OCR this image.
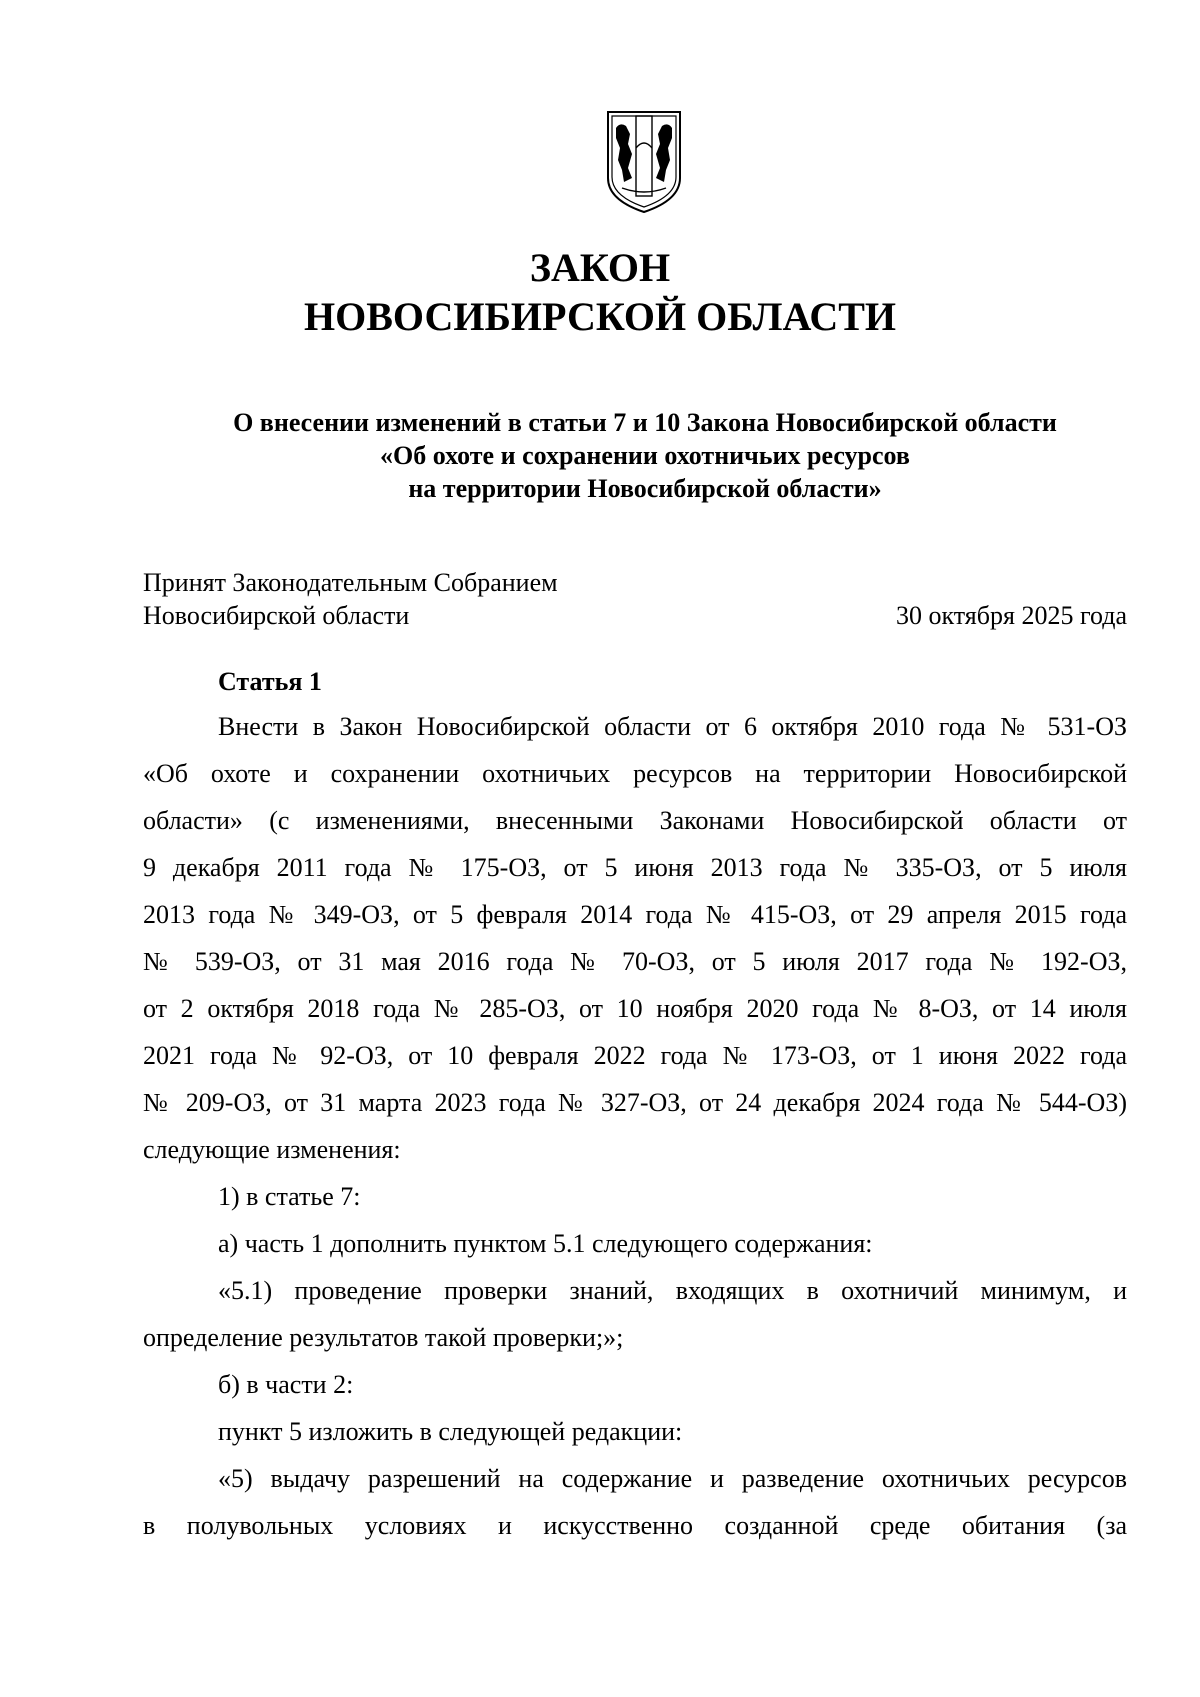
ЗАКОН
НОВОСИБИРСКОЙ ОБЛАСТИ
О внесении изменений в статьи 7 и 10 Закона Новосибирской области
«Об охоте и сохранении охотничьих ресурсов
на территории Новосибирской области»
Принят Законодательным Собранием
Новосибирской области	30 октября 2025 года
Статья 1
Внести в Закон Новосибирской области от 6 октября 2010 года № 531-ОЗ
«Об охоте и сохранении охотничьих ресурсов на территории Новосибирской
области» (с изменениями, внесенными Законами Новосибирской области от
9 декабря 2011 года № 175-ОЗ, от 5 июня 2013 года № 335-ОЗ, от 5 июля
2013 года № 349-ОЗ, от 5 февраля 2014 года № 415-ОЗ, от 29 апреля 2015 года
№ 539-ОЗ, от 31 мая 2016 года № 70-ОЗ, от 5 июля 2017 года № 192-ОЗ,
от 2 октября 2018 года № 285-ОЗ, от 10 ноября 2020 года № 8-ОЗ, от 14 июля
2021 года № 92-ОЗ, от 10 февраля 2022 года № 173-ОЗ, от 1 июня 2022 года
№ 209-ОЗ, от 31 марта 2023 года № 327-ОЗ, от 24 декабря 2024 года № 544-ОЗ)
следующие изменения:
1) в статье 7:
а) часть 1 дополнить пунктом 5.1 следующего содержания:
«5.1) проведение проверки знаний, входящих в охотничий минимум, и
определение результатов такой проверки;»;
б) в части 2:
пункт 5 изложить в следующей редакции:
«5) выдачу разрешений на содержание и разведение охотничьих ресурсов
в полувольных условиях и искусственно созданной среде обитания (за
